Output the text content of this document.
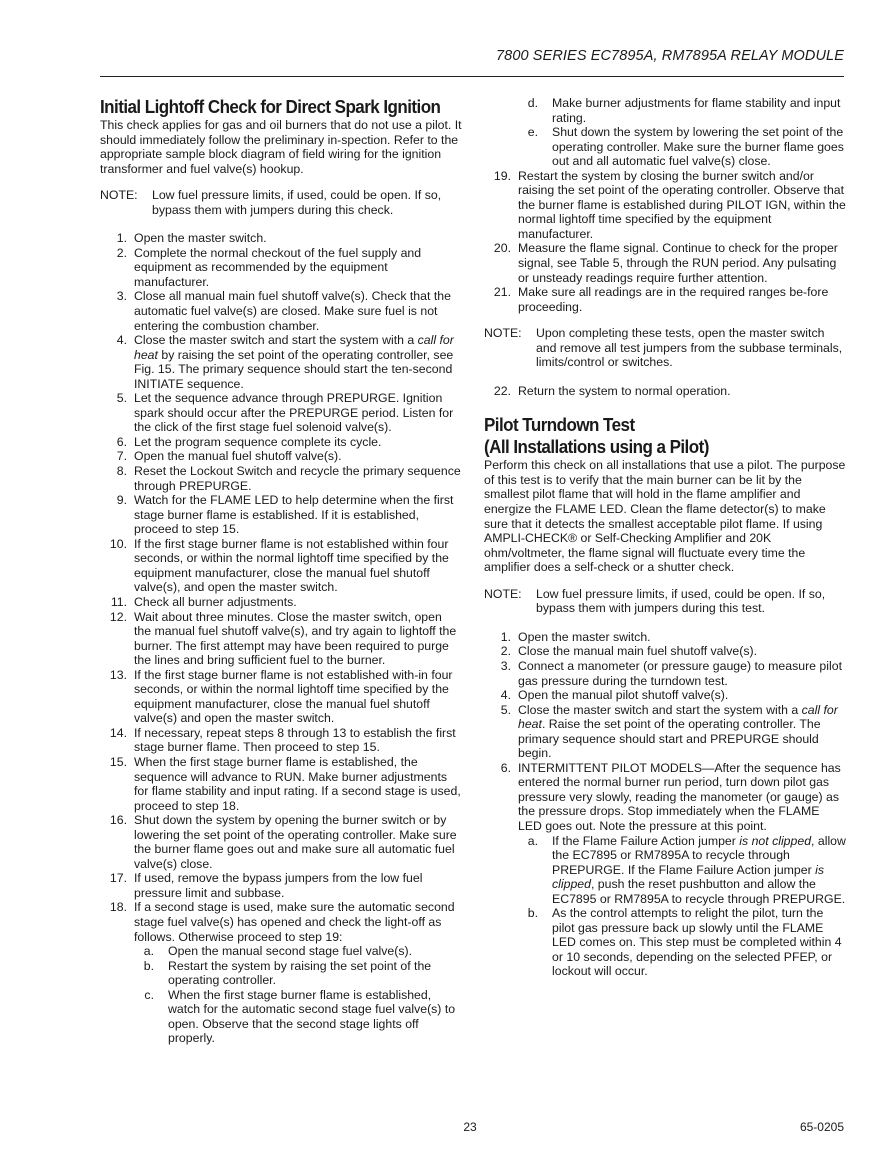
7800 SERIES EC7895A, RM7895A RELAY MODULE
Initial Lightoff Check for Direct Spark Ignition

This check applies for gas and oil burners that do not use a pilot. It should immediately follow the preliminary in-spection. Refer to the appropriate sample block diagram of field wiring for the ignition transformer and fuel valve(s) hookup.

NOTE:	Low fuel pressure limits, if used, could be open. If so, bypass them with jumpers during this check.
1. Open the master switch.
2. Complete the normal checkout of the fuel supply and equipment as recommended by the equipment manufacturer.
3. Close all manual main fuel shutoff valve(s). Check that the automatic fuel valve(s) are closed. Make sure fuel is not entering the combustion chamber.
4. Close the master switch and start the system with a call for heat by raising the set point of the operating controller, see Fig. 15. The primary sequence should start the ten-second INITIATE sequence.
5. Let the sequence advance through PREPURGE. Ignition spark should occur after the PREPURGE period. Listen for the click of the first stage fuel solenoid valve(s).
6. Let the program sequence complete its cycle.
7. Open the manual fuel shutoff valve(s).
8. Reset the Lockout Switch and recycle the primary sequence through PREPURGE.
9. Watch for the FLAME LED to help determine when the first stage burner flame is established. If it is established, proceed to step 15.
10. If the first stage burner flame is not established within four seconds, or within the normal lightoff time specified by the equipment manufacturer, close the manual fuel shutoff valve(s), and open the master switch.
11. Check all burner adjustments.
12. Wait about three minutes. Close the master switch, open the manual fuel shutoff valve(s), and try again to lightoff the burner. The first attempt may have been required to purge the lines and bring sufficient fuel to the burner.
13. If the first stage burner flame is not established with-in four seconds, or within the normal lightoff time specified by the equipment manufacturer, close the manual fuel shutoff valve(s) and open the master switch.
14. If necessary, repeat steps 8 through 13 to establish the first stage burner flame. Then proceed to step 15.
15. When the first stage burner flame is established, the sequence will advance to RUN. Make burner adjustments for flame stability and input rating. If a second stage is used, proceed to step 18.
16. Shut down the system by opening the burner switch or by lowering the set point of the operating controller. Make sure the burner flame goes out and make sure all automatic fuel valve(s) close.
17. If used, remove the bypass jumpers from the low fuel pressure limit and subbase.
18. If a second stage is used, make sure the automatic second stage fuel valve(s) has opened and check the light-off as follows. Otherwise proceed to step 19:
a.	Open the manual second stage fuel valve(s).
b.	Restart the system by raising the set point of the operating controller.
c.	When the first stage burner flame is established, watch for the automatic second stage fuel valve(s) to open. Observe that the second stage lights off properly.
d.	Make burner adjustments for flame stability and input rating.
e.	Shut down the system by lowering the set point of the operating controller. Make sure the burner flame goes out and all automatic fuel valve(s) close.
19. Restart the system by closing the burner switch and/or raising the set point of the operating controller. Observe that the burner flame is established during PILOT IGN, within the normal lightoff time specified by the equipment manufacturer.
20. Measure the flame signal. Continue to check for the proper signal, see Table 5, through the RUN period. Any pulsating or unsteady readings require further attention.
21. Make sure all readings are in the required ranges be-fore proceeding.
NOTE:	Upon completing these tests, open the master switch and remove all test jumpers from the subbase terminals, limits/control or switches.
22. Return the system to normal operation.
Pilot Turndown Test
(All Installations using a Pilot)

Perform this check on all installations that use a pilot. The purpose of this test is to verify that the main burner can be lit by the smallest pilot flame that will hold in the flame amplifier and energize the FLAME LED. Clean the flame detector(s) to make sure that it detects the smallest acceptable pilot flame. If using AMPLI-CHECK® or Self-Checking Amplifier and 20K ohm/voltmeter, the flame signal will fluctuate every time the amplifier does a self-check or a shutter check.

NOTE:	Low fuel pressure limits, if used, could be open. If so, bypass them with jumpers during this test.
1. Open the master switch.
2. Close the manual main fuel shutoff valve(s).
3. Connect a manometer (or pressure gauge) to measure pilot gas pressure during the turndown test.
4. Open the manual pilot shutoff valve(s).
5. Close the master switch and start the system with a call for heat. Raise the set point of the operating controller. The primary sequence should start and PREPURGE should begin.
6. INTERMITTENT PILOT MODELS—After the sequence has entered the normal burner run period, turn down pilot gas pressure very slowly, reading the manometer (or gauge) as the pressure drops. Stop immediately when the FLAME LED goes out. Note the pressure at this point.
a.	If the Flame Failure Action jumper is not clipped, allow the EC7895 or RM7895A to recycle through PREPURGE. If the Flame Failure Action jumper is clipped, push the reset pushbutton and allow the EC7895 or RM7895A to recycle through PREPURGE.
b.	As the control attempts to relight the pilot, turn the pilot gas pressure back up slowly until the FLAME LED comes on. This step must be completed within 4 or 10 seconds, depending on the selected PFEP, or lockout will occur.
23	65-0205
